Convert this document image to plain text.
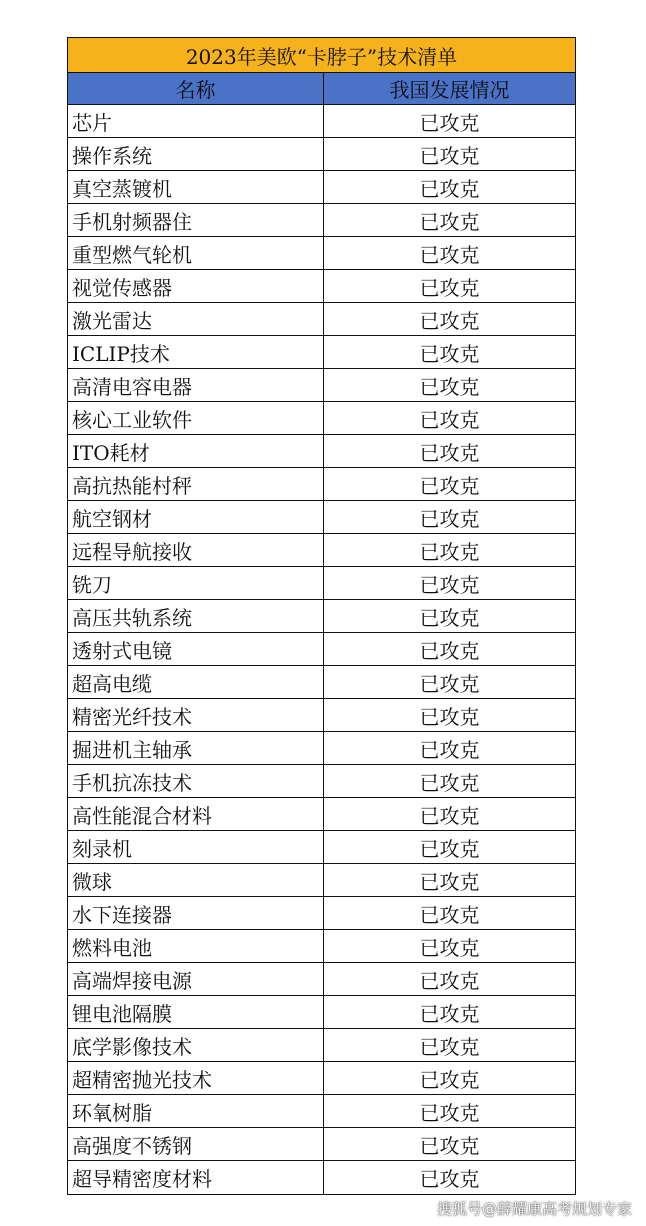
2023年美欧“卡脖子”技术清单
名称	我国发展情况
芯片	已攻克
操作系统	已攻克
真空蒸镀机	已攻克
手机射频器住	已攻克
重型燃气轮机	已攻克
视觉传感器	已攻克
激光雷达	已攻克
ICLIP技术	已攻克
高清电容电器	已攻克
核心工业软件	已攻克
ITO耗材	已攻克
高抗热能村秤	已攻克
航空钢材	已攻克
远程导航接收	已攻克
铣刀	已攻克
高压共轨系统	已攻克
透射式电镜	已攻克
超高电缆	已攻克
精密光纤技术	已攻克
掘进机主轴承	已攻克
手机抗冻技术	已攻克
高性能混合材料	已攻克
刻录机	已攻克
微球	已攻克
水下连接器	已攻克
燃料电池	已攻克
高端焊接电源	已攻克
锂电池隔膜	已攻克
底学影像技术	已攻克
超精密抛光技术	已攻克
环氧树脂	已攻克
高强度不锈钢	已攻克
超导精密度材料	已攻克
搜狐号@薛耀康高考规划专家
